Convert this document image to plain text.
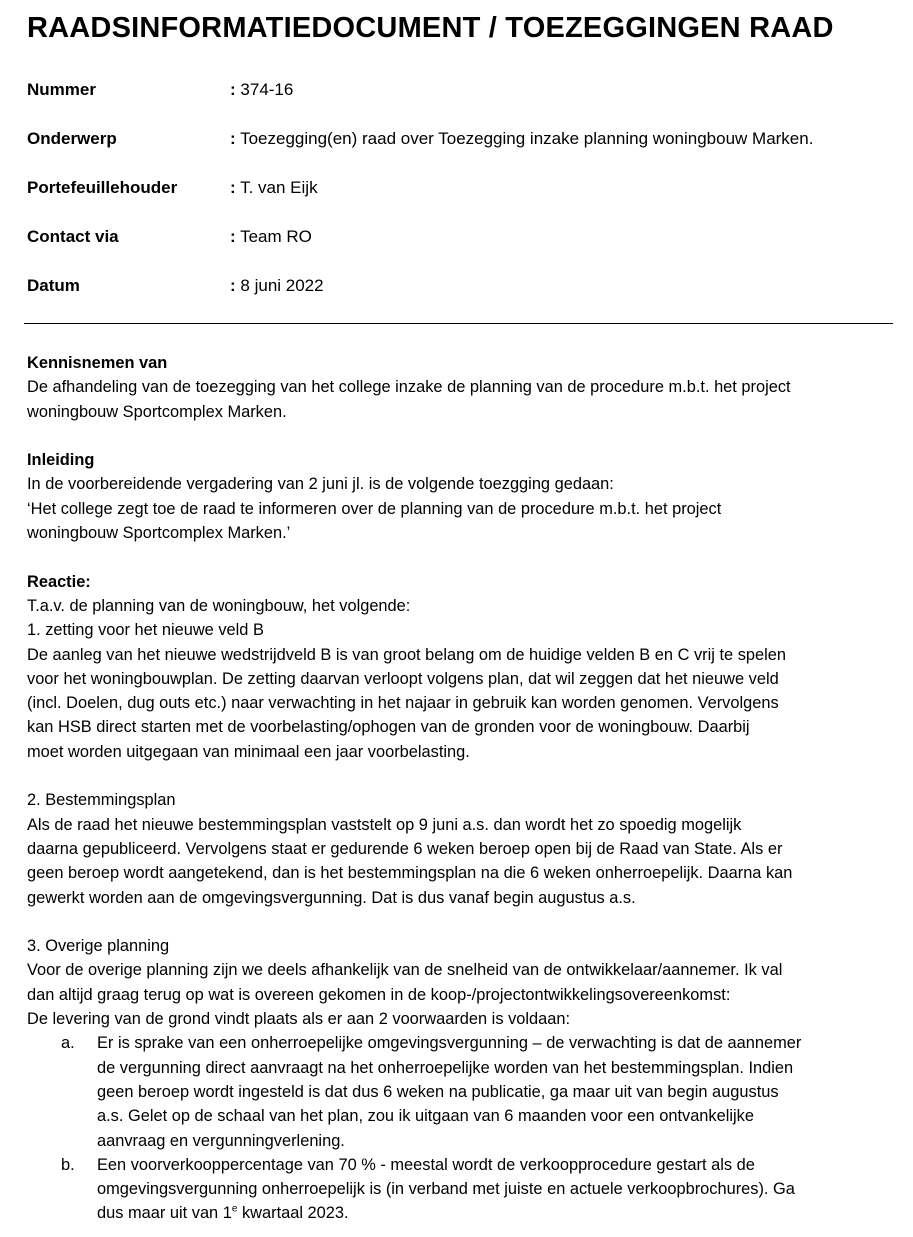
RAADSINFORMATIEDOCUMENT / TOEZEGGINGEN RAAD
Nummer	: 374-16
Onderwerp	: Toezegging(en) raad over Toezegging inzake planning woningbouw Marken.
Portefeuillehouder	: T. van Eijk
Contact via	: Team RO
Datum	: 8 juni 2022

Kennisnemen van

De afhandeling van de toezegging van het college inzake de planning van de procedure m.b.t. het project

woningbouw Sportcomplex Marken.

Inleiding

In de voorbereidende vergadering van 2 juni jl. is de volgende toezgging gedaan:

‘Het college zegt toe de raad te informeren over de planning van de procedure m.b.t. het project

woningbouw Sportcomplex Marken.’

Reactie:

T.a.v. de planning van de woningbouw, het volgende:

1. zetting voor het nieuwe veld B

De aanleg van het nieuwe wedstrijdveld B is van groot belang om de huidige velden B en C vrij te spelen

voor het woningbouwplan. De zetting daarvan verloopt volgens plan, dat wil zeggen dat het nieuwe veld

(incl. Doelen, dug outs etc.) naar verwachting in het najaar in gebruik kan worden genomen. Vervolgens

kan HSB direct starten met de voorbelasting/ophogen van de gronden voor de woningbouw. Daarbij

moet worden uitgegaan van minimaal een jaar voorbelasting.

2. Bestemmingsplan

Als de raad het nieuwe bestemmingsplan vaststelt op 9 juni a.s. dan wordt het zo spoedig mogelijk

daarna gepubliceerd. Vervolgens staat er gedurende 6 weken beroep open bij de Raad van State. Als er

geen beroep wordt aangetekend, dan is het bestemmingsplan na die 6 weken onherroepelijk. Daarna kan

gewerkt worden aan de omgevingsvergunning. Dat is dus vanaf begin augustus a.s.

3. Overige planning

Voor de overige planning zijn we deels afhankelijk van de snelheid van de ontwikkelaar/aannemer. Ik val

dan altijd graag terug op wat is overeen gekomen in de koop-/projectontwikkelingsovereenkomst:

De levering van de grond vindt plaats als er aan 2 voorwaarden is voldaan:

a. Er is sprake van een onherroepelijke omgevingsvergunning – de verwachting is dat de aannemer

de vergunning direct aanvraagt na het onherroepelijke worden van het bestemmingsplan. Indien

geen beroep wordt ingesteld is dat dus 6 weken na publicatie, ga maar uit van begin augustus

a.s. Gelet op de schaal van het plan, zou ik uitgaan van 6 maanden voor een ontvankelijke

aanvraag en vergunningverlening.

b. Een voorverkooppercentage van 70 % - meestal wordt de verkoopprocedure gestart als de

omgevingsvergunning onherroepelijk is (in verband met juiste en actuele verkoopbrochures). Ga

dus maar uit van 1e kwartaal 2023.
